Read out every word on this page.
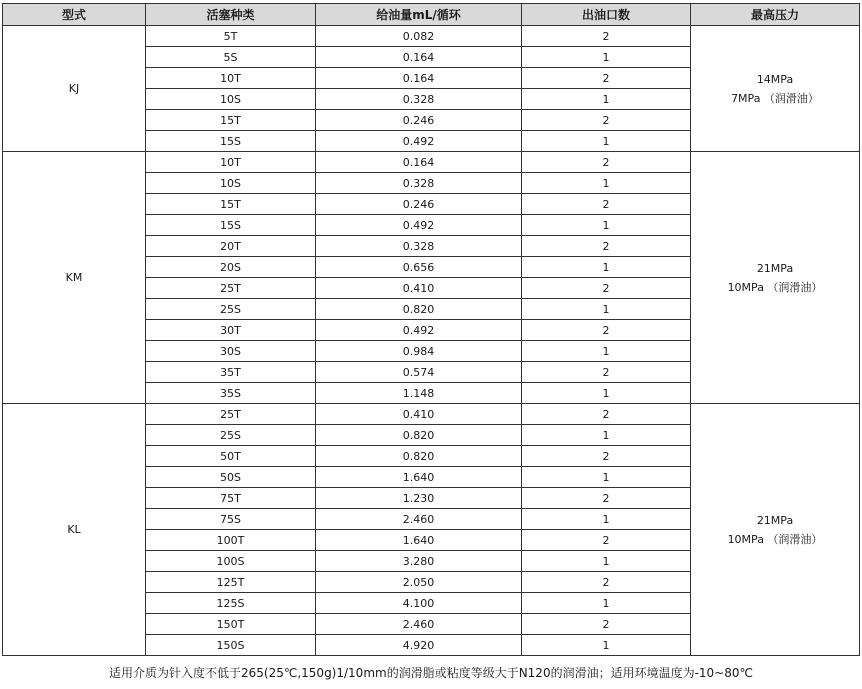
型式	活塞种类	给油量mL/循环	出油口数	最高压力
KJ	5T	0.082	2	14MPa
7MPa （润滑油）

	5S	0.164	1	
	10T	0.164	2	
	10S	0.328	1	
	15T	0.246	2	
	15S	0.492	1	
KM	10T	0.164	2	21MPa
10MPa （润滑油）

	10S	0.328	1	
	15T	0.246	2	
	15S	0.492	1	
	20T	0.328	2	
	20S	0.656	1	
	25T	0.410	2	
	25S	0.820	1	
	30T	0.492	2	
	30S	0.984	1	
	35T	0.574	2	
	35S	1.148	1	
KL	25T	0.410	2	21MPa
10MPa （润滑油）

	25S	0.820	1	
	50T	0.820	2	
	50S	1.640	1	
	75T	1.230	2	
	75S	2.460	1	
	100T	1.640	2	
	100S	3.280	1	
	125T	2.050	2	
	125S	4.100	1	
	150T	2.460	2	
	150S	4.920	1	
适用介质为针入度不低于265(25℃,150g)1/10mm的润滑脂或粘度等级大于N120的润滑油；适用环境温度为-10~80℃
